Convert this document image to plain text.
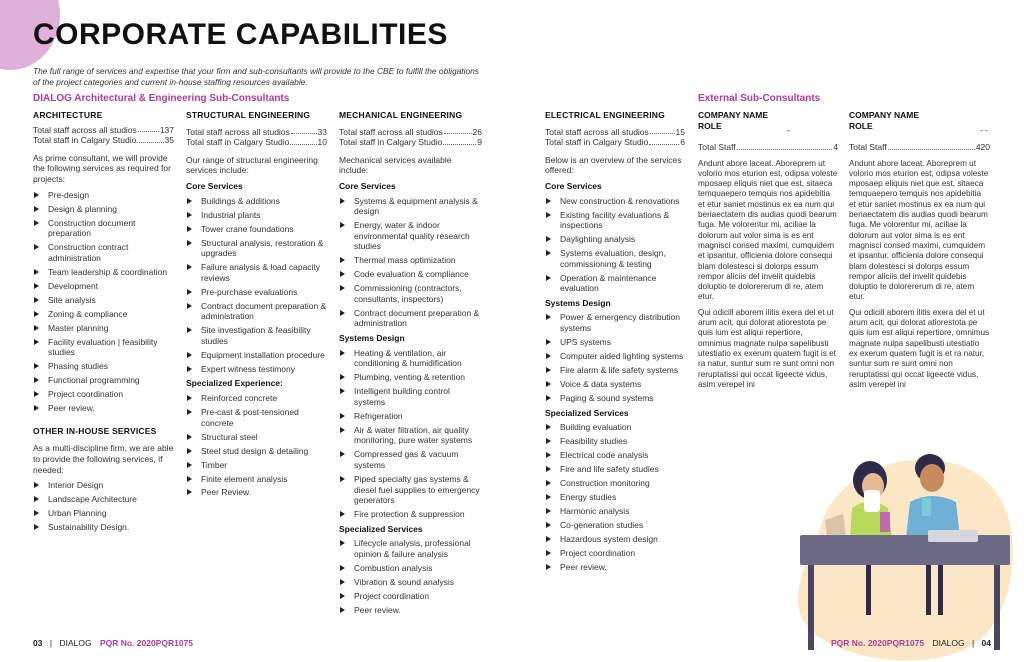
CORPORATE CAPABILITIES
The full range of services and expertise that your firm and sub-consultants will provide to the CBE to fulfill the obligations of the project categories and current in-house staffing resources available.
DIALOG Architectural & Engineering Sub-Consultants	External Sub-Consultants
ARCHITECTURE
Total staff across all studios	137
Total staff in Calgary Studio	35
As prime consultant, we will provide the following services as required for projects:
Pre-design
Design & planning
Construction document preparation
Construction contract administration
Team leadership & coordination
Development
Site analysis
Zoning & compliance
Master planning
Facility evaluation | feasibility studies
Phasing studies
Functional programming
Project coordination
Peer review.
OTHER IN-HOUSE SERVICES
As a multi-discipline firm, we are able to provide the following services, if needed:
Interior Design
Landscape Architecture
Urban Planning
Sustainability Design.
STRUCTURAL ENGINEERING
Total staff across all studios	33
Total staff in Calgary Studio	10
Our range of structural engineering services include:
Core Services
Buildings & additions
Industrial plants
Tower crane foundations
Structural analysis, restoration & upgrades
Failure analysis & load capacity reviews
Pre-purchase evaluations
Contract document preparation & administration
Site investigation & feasibility studies
Equipment installation procedure
Expert witness testimony
Specialized Experience:
Reinforced concrete
Pre-cast & post-tensioned concrete
Structural steel
Steel stud design & detailing
Timber
Finite element analysis
Peer Review.
MECHANICAL ENGINEERING
Total staff across all studios	26
Total staff in Calgary Studio	9
Mechanical services available include:
Core Services
Systems & equipment analysis & design
Energy, water & indoor environmental quality research studies
Thermal mass optimization
Code evaluation & compliance
Commissioning (contractors, consultants, inspectors)
Contract document preparation & administration
Systems Design
Heating & ventilation, air conditioning & humidification
Plumbing, venting & retention
Intelligent building control systems
Refrigeration
Air & water filtration, air quality monitoring, pure water systems
Compressed gas & vacuum systems
Piped specialty gas systems & diesel fuel supplies to emergency generators
Fire protection & suppression
Specialized Services
Lifecycle analysis, professional opinion & failure analysis
Combustion analysis
Vibration & sound analysis
Project coordination
Peer review.
ELECTRICAL ENGINEERING
Total staff across all studios	15
Total staff in Calgary Studio	6
Below is an overview of the services offered:
Core Services
New construction & renovations
Existing facility evaluations & inspections
Daylighting analysis
Systems evaluation, design, commissioning & testing
Operation & maintenance evaluation
Systems Design
Power & emergency distribution systems
UPS systems
Computer aided lighting systems
Fire alarm & life safety systems
Voice & data systems
Paging & sound systems
Specialized Services
Building evaluation
Feasibility studies
Electrical code analysis
Fire and life safety studies
Construction monitoring
Energy studies
Harmonic analysis
Co-generation studies
Hazardous system design
Project coordination
Peer review.
COMPANY NAME
ROLE	-
Total Staff	4

Andunt abore laceat. Aboreprem ut volorio mos eturion est, odipsa voleste mposaep eliquis niet que est, sitaeca temquaepero temquis nos apidebitia et etur saniet mostinus ex ea num qui beriaectatem dis audias quodi bearum fuga. Me volorentur mi, aciliae la dolorum aut volor sima is es ent magnisci consed maximi, cumquidem et ipsantur, officienia dolore consequi blam dolestesci si dolorps essum rempor aliciis del invelit quidebis doluptio te dolorererum di re, atem etur.

Qui odicill aborem ilitis exera del et ut arum acit, qui dolorat atiorestota pe quis ium est aliqui repertiore, omnimus magnate nulpa sapelibusti utestiatio ex exerum quatem fugit is et ra natur, suntur sum re sunt omni non reruptatissi qui occat ligeecte vidus, asim verepel ini

COMPANY NAME
ROLE	- -
Total Staff	420

Andunt abore laceat. Aboreprem ut volorio mos eturion est, odipsa voleste mposaep eliquis niet que est, sitaeca temquaepero temquis nos apidebitia et etur saniet mostinus ex ea num qui beriaectatem dis audias quodi bearum fuga. Me volorentur mi, aciliae la dolorum aut volor sima is es ent magnisci consed maximi, cumquidem et ipsantur, officienia dolore consequi blam dolestesci si dolorps essum rempor aliciis del invelit quidebis doluptio te dolorererum di re, atem etur.

Qui odicill aborem ilitis exera del et ut arum acit, qui dolorat atiorestota pe quis ium est aliqui repertiore, omnimus magnate nulpa sapelibusti utestiatio ex exerum quatem fugit is et ra natur, suntur sum re sunt omni non reruptatissi qui occat ligeecte vidus, asim verepel ini

03 | DIALOG PQR No. 2020PQR1075	PQR No. 2020PQR1075 DIALOG | 04
